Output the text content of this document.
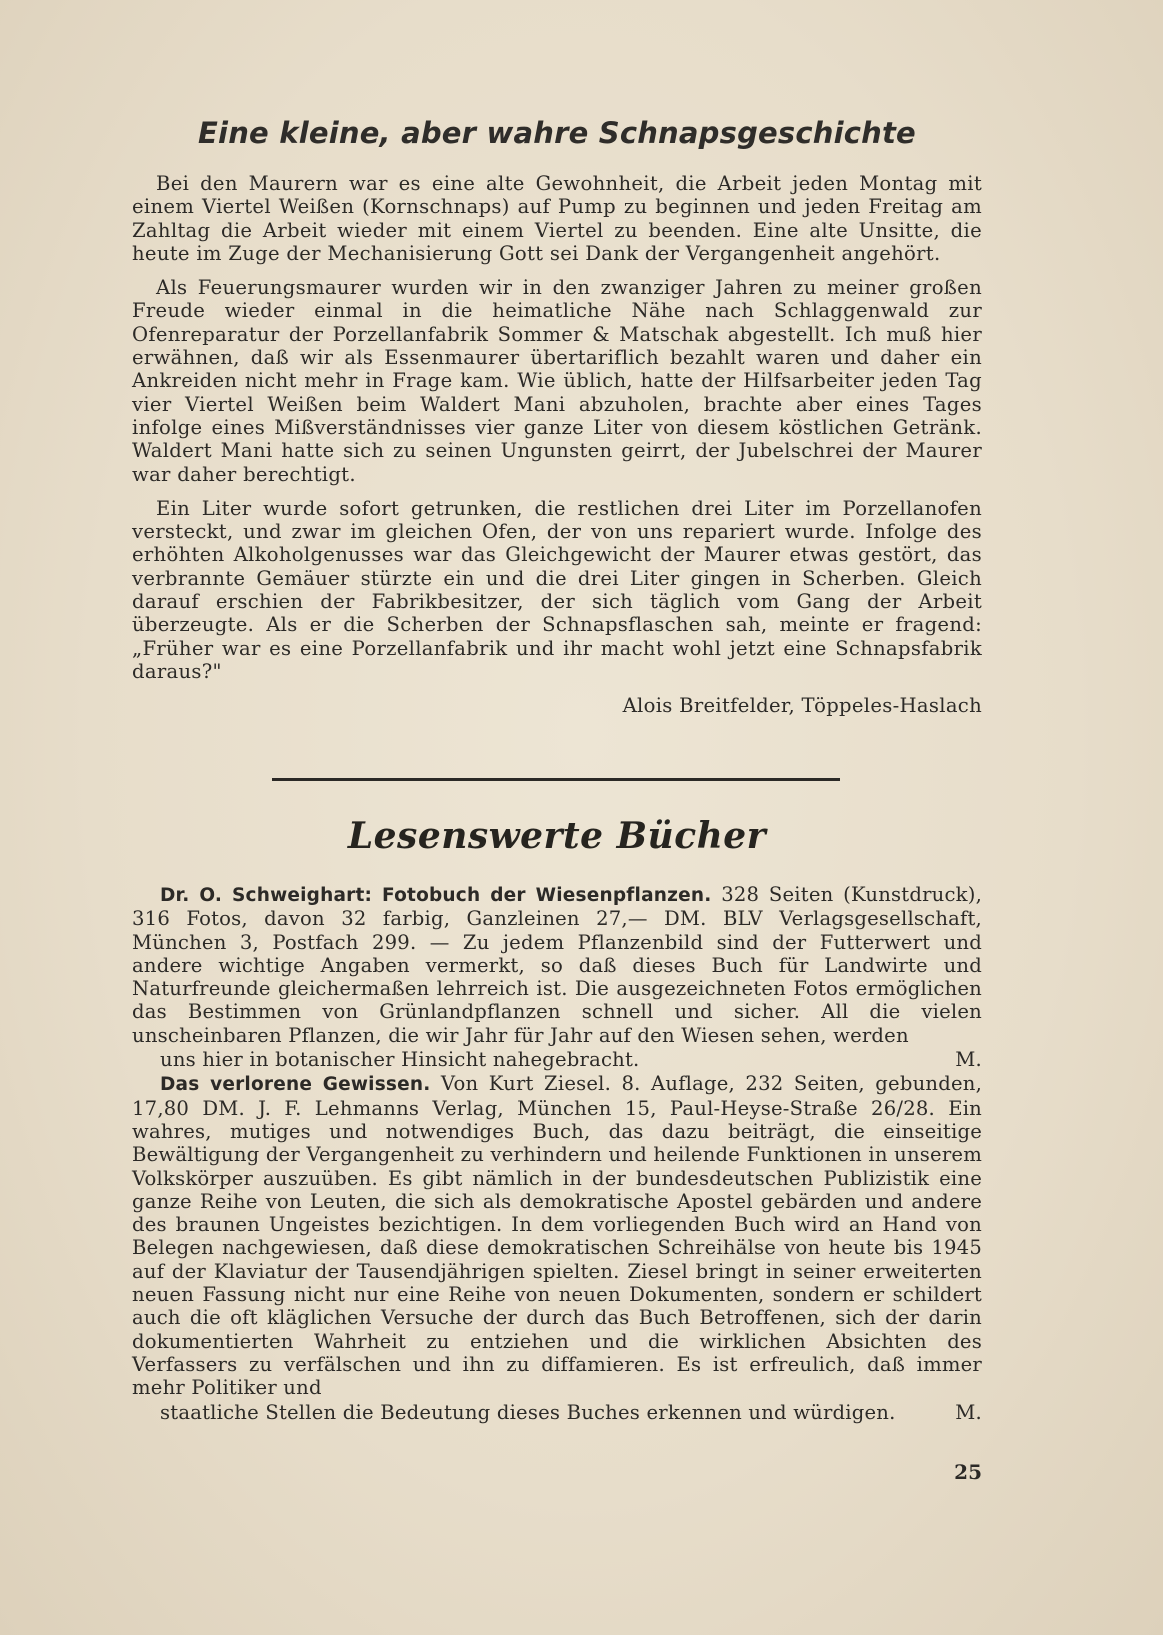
Eine kleine, aber wahre Schnapsgeschichte

Bei den Maurern war es eine alte Gewohnheit, die Arbeit jeden Montag mit einem Viertel Weißen (Kornschnaps) auf Pump zu beginnen und jeden Freitag am Zahltag die Arbeit wieder mit einem Viertel zu beenden. Eine alte Unsitte, die heute im Zuge der Mechanisierung Gott sei Dank der Vergangenheit angehört.

Als Feuerungsmaurer wurden wir in den zwanziger Jahren zu meiner großen Freude wieder einmal in die heimatliche Nähe nach Schlaggenwald zur Ofenreparatur der Porzellanfabrik Sommer & Matschak abgestellt. Ich muß hier erwähnen, daß wir als Essenmaurer übertariflich bezahlt waren und daher ein Ankreiden nicht mehr in Frage kam. Wie üblich, hatte der Hilfsarbeiter jeden Tag vier Viertel Weißen beim Waldert Mani abzuholen, brachte aber eines Tages infolge eines Mißverständnisses vier ganze Liter von diesem köstlichen Getränk. Waldert Mani hatte sich zu seinen Ungunsten geirrt, der Jubelschrei der Maurer war daher berechtigt.

Ein Liter wurde sofort getrunken, die restlichen drei Liter im Porzellanofen versteckt, und zwar im gleichen Ofen, der von uns repariert wurde. Infolge des erhöhten Alkoholgenusses war das Gleichgewicht der Maurer etwas gestört, das verbrannte Gemäuer stürzte ein und die drei Liter gingen in Scherben. Gleich darauf erschien der Fabrikbesitzer, der sich täglich vom Gang der Arbeit überzeugte. Als er die Scherben der Schnapsflaschen sah, meinte er fragend: „Früher war es eine Porzellanfabrik und ihr macht wohl jetzt eine Schnapsfabrik daraus?"

Alois Breitfelder, Töppeles-Haslach

Lesenswerte Bücher

Dr. O. Schweighart: Fotobuch der Wiesenpflanzen. 328 Seiten (Kunstdruck), 316 Fotos, davon 32 farbig, Ganzleinen 27,— DM. BLV Verlagsgesellschaft, München 3, Postfach 299. — Zu jedem Pflanzenbild sind der Futterwert und andere wichtige Angaben vermerkt, so daß dieses Buch für Landwirte und Naturfreunde gleichermaßen lehrreich ist. Die ausgezeichneten Fotos ermöglichen das Bestimmen von Grünlandpflanzen schnell und sicher. All die vielen unscheinbaren Pflanzen, die wir Jahr für Jahr auf den Wiesen sehen, werden

uns hier in botanischer Hinsicht nahegebracht.	M.

Das verlorene Gewissen. Von Kurt Ziesel. 8. Auflage, 232 Seiten, gebunden, 17,80 DM. J. F. Lehmanns Verlag, München 15, Paul-Heyse-Straße 26/28. Ein wahres, mutiges und notwendiges Buch, das dazu beiträgt, die einseitige Bewältigung der Vergangenheit zu verhindern und heilende Funktionen in unserem Volkskörper auszuüben. Es gibt nämlich in der bundesdeutschen Publizistik eine ganze Reihe von Leuten, die sich als demokratische Apostel gebärden und andere des braunen Ungeistes bezichtigen. In dem vorliegenden Buch wird an Hand von Belegen nachgewiesen, daß diese demokratischen Schreihälse von heute bis 1945 auf der Klaviatur der Tausendjährigen spielten. Ziesel bringt in seiner erweiterten neuen Fassung nicht nur eine Reihe von neuen Dokumenten, sondern er schildert auch die oft kläglichen Versuche der durch das Buch Betroffenen, sich der darin dokumentierten Wahrheit zu entziehen und die wirklichen Absichten des Verfassers zu verfälschen und ihn zu diffamieren. Es ist erfreulich, daß immer mehr Politiker und

staatliche Stellen die Bedeutung dieses Buches erkennen und würdigen.	M.

25
